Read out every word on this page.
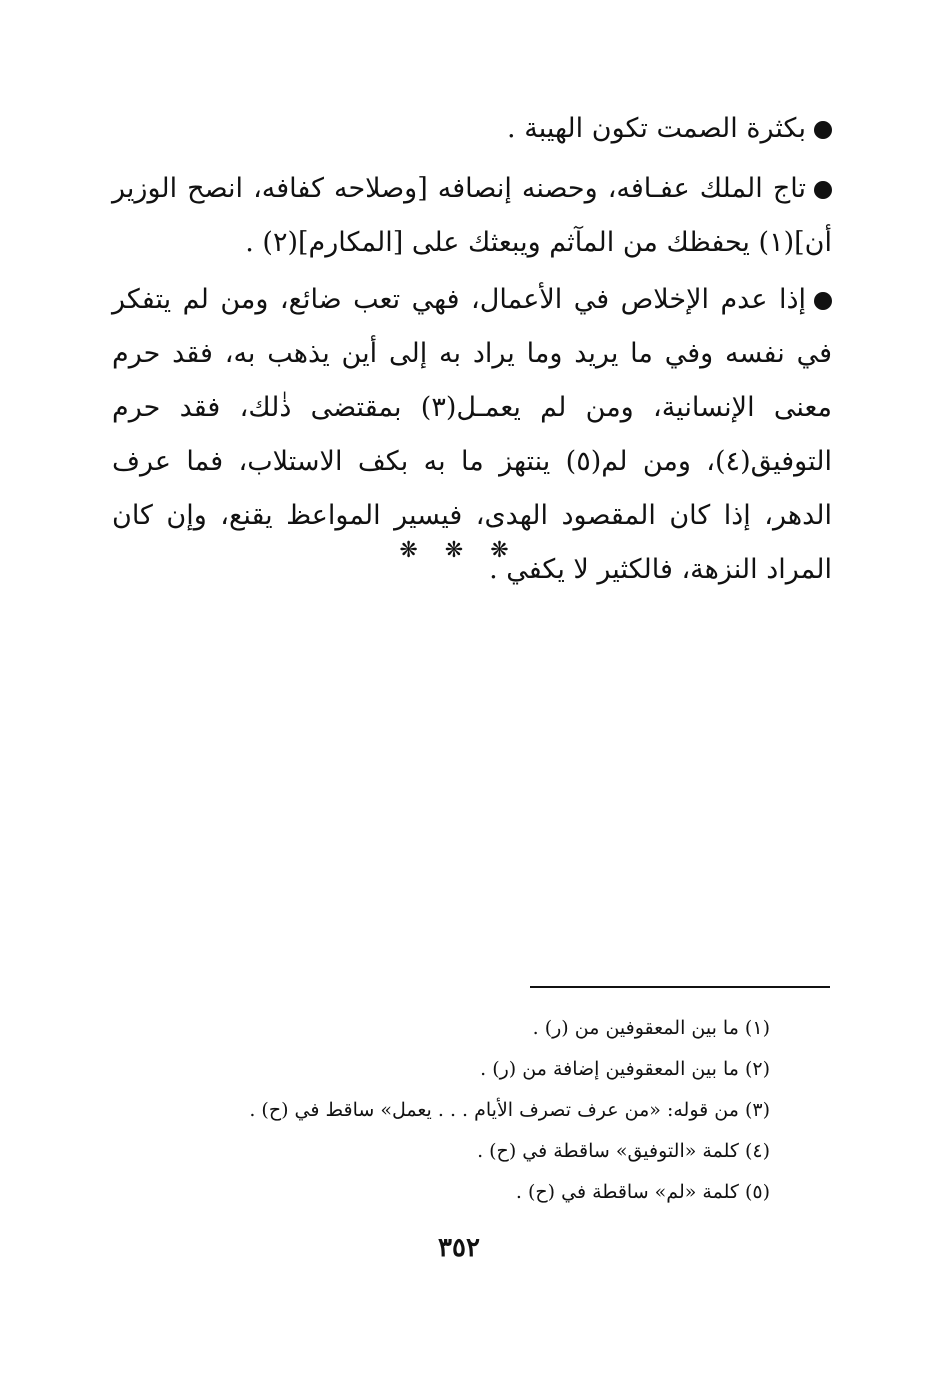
بكثرة الصمت تكون الهيبة .

تاج الملك عفـافه، وحصنه إنصافه [وصلاحه كفافه، انصح الوزير أن](١) يحفظك من المآثم ويبعثك على [المكارم](٢) .

إذا عدم الإخلاص في الأعمال، فهي تعب ضائع، ومن لم يتفكر في نفسه وفي ما يريد وما يراد به إلى أين يذهب به، فقد حرم معنى الإنسانية، ومن لم يعمـل(٣) بمقتضى ذٰلك، فقد حرم التوفيق(٤)، ومن لم(٥) ينتهز ما به بكف الاستلاب، فما عرف الدهر، إذا كان المقصود الهدى، فيسير المواعظ يقنع، وإن كان المراد النزهة، فالكثير لا يكفي .

❋ ❋ ❋
(١) ما بين المعقوفين من (ر) .
(٢) ما بين المعقوفين إضافة من (ر) .
(٣) من قوله: «من عرف تصرف الأيام . . . يعمل» ساقط في (ح) .
(٤) كلمة «التوفيق» ساقطة في (ح) .
(٥) كلمة «لم» ساقطة في (ح) .
٣٥٢
